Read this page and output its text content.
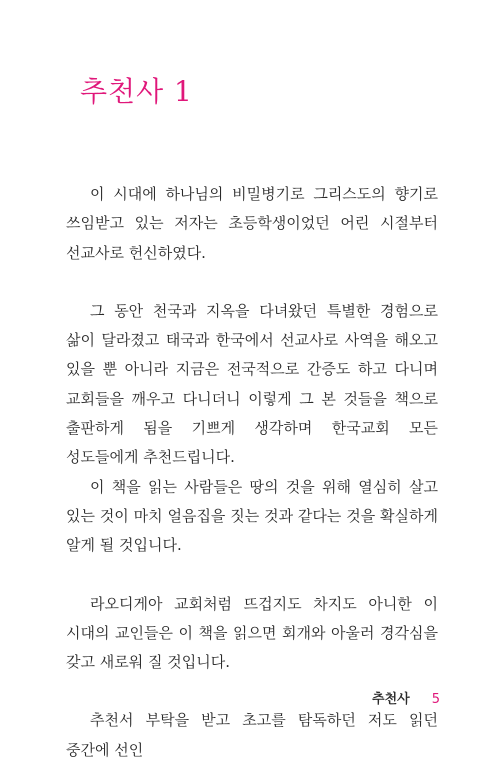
추천사 1

이 시대에 하나님의 비밀병기로 그리스도의 향기로 쓰임받고 있는 저자는 초등학생이었던 어린 시절부터 선교사로 헌신하였다.

그 동안 천국과 지옥을 다녀왔던 특별한 경험으로 삶이 달라졌고 태국과 한국에서 선교사로 사역을 해오고 있을 뿐 아니라 지금은 전국적으로 간증도 하고 다니며 교회들을 깨우고 다니더니 이렇게 그 본 것들을 책으로 출판하게 됨을 기쁘게 생각하며 한국교회 모든 성도들에게 추천드립니다.

이 책을 읽는 사람들은 땅의 것을 위해 열심히 살고 있는 것이 마치 얼음집을 짓는 것과 같다는 것을 확실하게 알게 될 것입니다.

라오디게아 교회처럼 뜨겁지도 차지도 아니한 이 시대의 교인들은 이 책을 읽으면 회개와 아울러 경각심을 갖고 새로워 질 것입니다.

추천서 부탁을 받고 초고를 탐독하던 저도 읽던 중간에 선인

추천사 5
